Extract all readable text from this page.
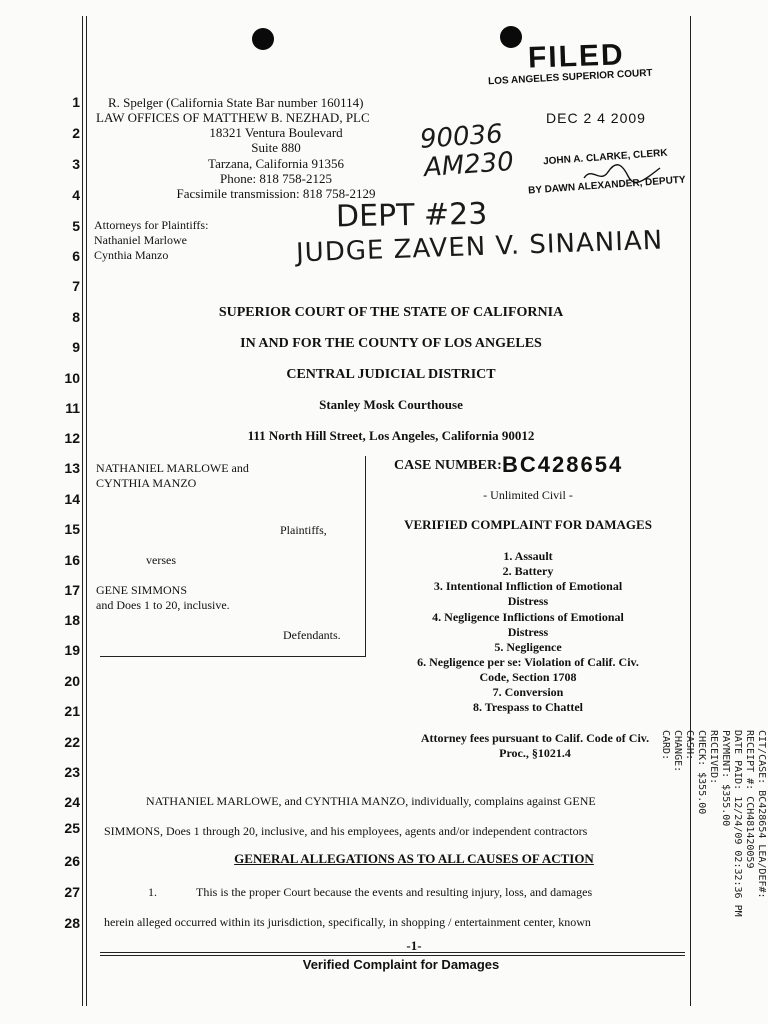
1
2
3
4
5
6
7
8
9
10
11
12
13
14
15
16
17
18
19
20
21
22
23
24
25
26
27
28
FILED
LOS ANGELES SUPERIOR COURT
DEC 2 4 2009
JOHN A. CLARKE, CLERK
BY DAWN ALEXANDER, DEPUTY
R. Spelger (California State Bar number 160114)
LAW OFFICES OF MATTHEW B. NEZHAD, PLC
18321 Ventura Boulevard
Suite 880
Tarzana, California 91356
Phone: 818 758-2125
Facsimile transmission: 818 758-2129
Attorneys for Plaintiffs:
Nathaniel Marlowe
Cynthia Manzo
90036
AM230
DEPT #23
JUDGE ZAVEN V. SINANIAN
SUPERIOR COURT OF THE STATE OF CALIFORNIA
IN AND FOR THE COUNTY OF LOS ANGELES
CENTRAL JUDICIAL DISTRICT
Stanley Mosk Courthouse
111 North Hill Street, Los Angeles, California 90012
NATHANIEL MARLOWE and
CYNTHIA MANZO
Plaintiffs,
verses
GENE SIMMONS
and Does 1 to 20, inclusive.
Defendants.
CASE NUMBER: BC428654
- Unlimited Civil -
VERIFIED COMPLAINT FOR DAMAGES
1. Assault
2. Battery
3. Intentional Infliction of Emotional
Distress
4. Negligence Inflictions of Emotional
Distress
5. Negligence
6. Negligence per se: Violation of Calif. Civ.
Code, Section 1708
7. Conversion
8. Trespass to Chattel
Attorney fees pursuant to Calif. Code of Civ.
Proc., §1021.4
NATHANIEL MARLOWE, and CYNTHIA MANZO, individually, complains against GENE
SIMMONS, Does 1 through 20, inclusive, and his employees, agents and/or independent contractors
GENERAL ALLEGATIONS AS TO ALL CAUSES OF ACTION
1.	This is the proper Court because the events and resulting injury, loss, and damages
herein alleged occurred within its jurisdiction, specifically, in shopping / entertainment center, known
CIT/CASE: BC428654 LEA/DEF#:
RECEIPT #: CCH481420059
DATE PAID: 12/24/09 02:32:36 PM
PAYMENT: $355.00
RECEIVED:
CHECK: $355.00
CASH:
CHANGE:
CARD:
-1-
Verified Complaint for Damages
